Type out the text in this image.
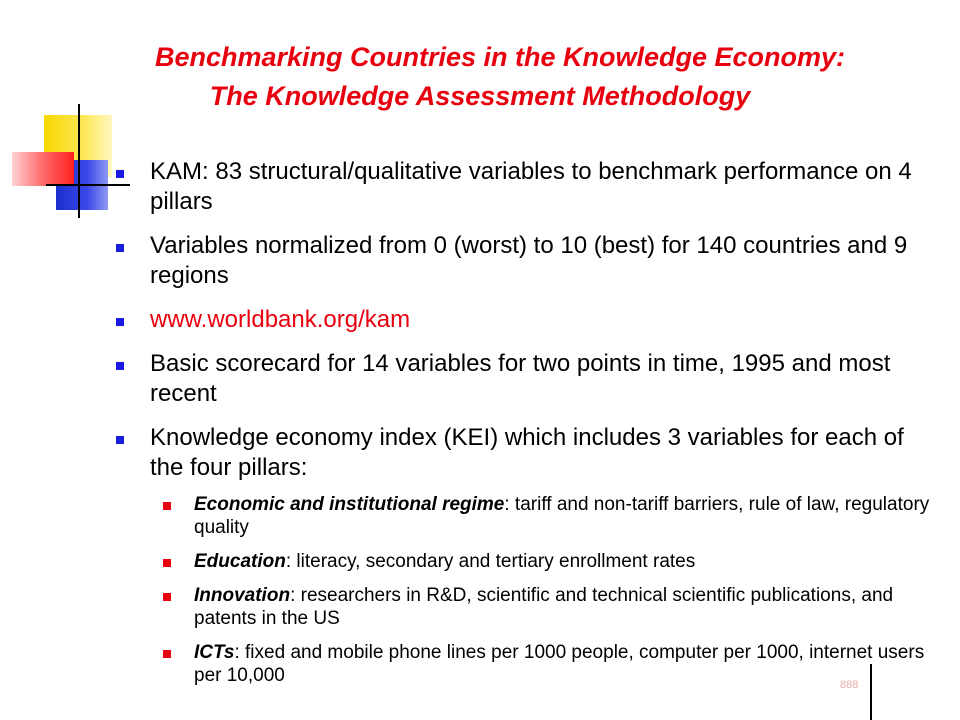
Benchmarking Countries in the Knowledge Economy:
The Knowledge Assessment Methodology
KAM: 83 structural/qualitative variables to benchmark performance on 4 pillars
Variables normalized from 0 (worst) to 10 (best) for 140 countries and 9 regions
www.worldbank.org/kam
Basic scorecard for 14 variables for two points in time, 1995 and most recent
Knowledge economy index (KEI) which includes 3 variables for each of the four pillars:
Economic and institutional regime: tariff and non-tariff barriers, rule of law, regulatory quality
Education: literacy, secondary and tertiary enrollment rates
Innovation: researchers in R&D, scientific and technical scientific publications, and patents in the US
ICTs: fixed and mobile phone lines per 1000 people, computer per 1000, internet users per 10,000	888
